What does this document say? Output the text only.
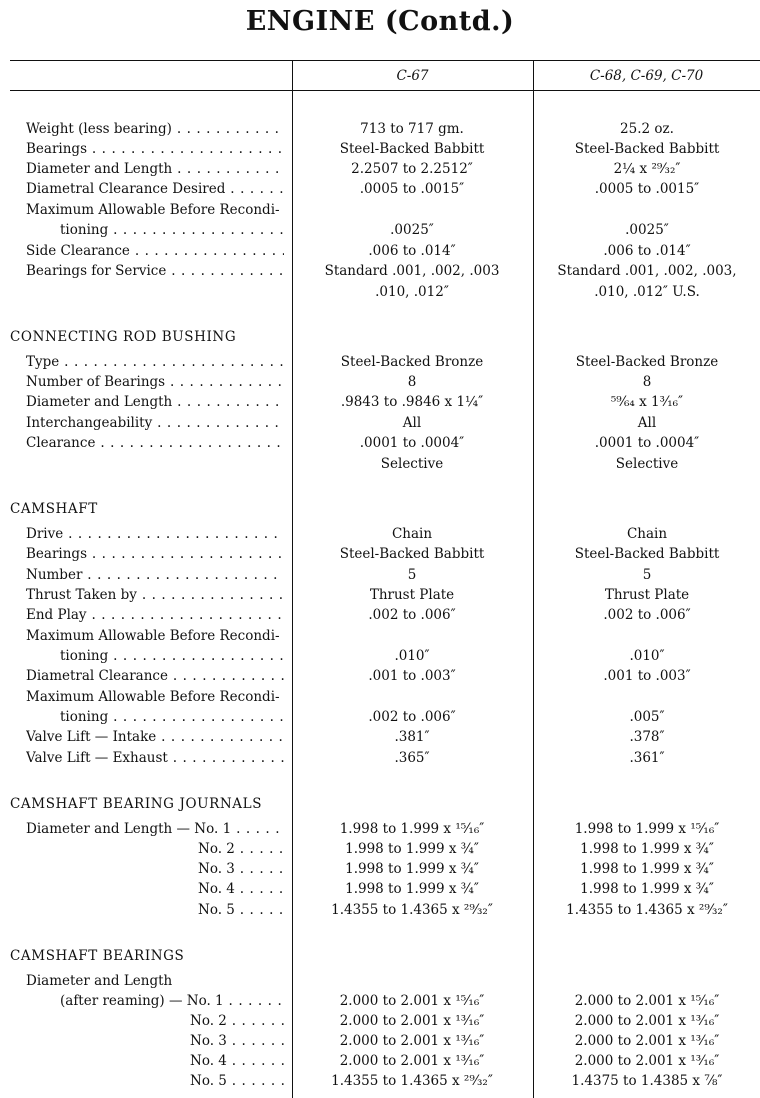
ENGINE (Contd.)
C-67	C-68, C-69, C-70
Weight (less bearing) . . .	713 to 717 gm.	25.2 oz.
Bearings . . .	Steel-Backed Babbitt	Steel-Backed Babbitt
Diameter and Length . . .	2.2507 to 2.2512″	2¼ x ²⁹⁄₃₂″
Diametral Clearance Desired . . .	.0005 to .0015″	.0005 to .0015″
Maximum Allowable Before Recondi-
tioning . . .	.0025″	.0025″
Side Clearance . . .	.006 to .014″	.006 to .014″
Bearings for Service . . .	Standard .001, .002, .003	Standard .001, .002, .003,
.010, .012″	.010, .012″ U.S.
CONNECTING ROD BUSHING
Type . . .	Steel-Backed Bronze	Steel-Backed Bronze
Number of Bearings . . .	8	8
Diameter and Length . . .	.9843 to .9846 x 1¼″	⁵⁹⁄₆₄ x 1³⁄₁₆″
Interchangeability . . .	All	All
Clearance . . .	.0001 to .0004″	.0001 to .0004″
Selective	Selective
CAMSHAFT
Drive . . .	Chain	Chain
Bearings . . .	Steel-Backed Babbitt	Steel-Backed Babbitt
Number . . .	5	5
Thrust Taken by . . .	Thrust Plate	Thrust Plate
End Play . . .	.002 to .006″	.002 to .006″
Maximum Allowable Before Recondi-
tioning . . .	.010″	.010″
Diametral Clearance . . .	.001 to .003″	.001 to .003″
Maximum Allowable Before Recondi-
tioning . . .	.002 to .006″	.005″
Valve Lift — Intake . . .	.381″	.378″
Valve Lift — Exhaust . . .	.365″	.361″
CAMSHAFT BEARING JOURNALS
Diameter and Length — No. 1 . . .	1.998 to 1.999 x ¹⁵⁄₁₆″	1.998 to 1.999 x ¹⁵⁄₁₆″
No. 2 . . .	1.998 to 1.999 x ¾″	1.998 to 1.999 x ¾″
No. 3 . . .	1.998 to 1.999 x ¾″	1.998 to 1.999 x ¾″
No. 4 . . .	1.998 to 1.999 x ¾″	1.998 to 1.999 x ¾″
No. 5 . . .	1.4355 to 1.4365 x ²⁹⁄₃₂″	1.4355 to 1.4365 x ²⁹⁄₃₂″
CAMSHAFT BEARINGS
Diameter and Length
(after reaming) — No. 1 . . .	2.000 to 2.001 x ¹⁵⁄₁₆″	2.000 to 2.001 x ¹⁵⁄₁₆″
No. 2 . . .	2.000 to 2.001 x ¹³⁄₁₆″	2.000 to 2.001 x ¹³⁄₁₆″
No. 3 . . .	2.000 to 2.001 x ¹³⁄₁₆″	2.000 to 2.001 x ¹³⁄₁₆″
No. 4 . . .	2.000 to 2.001 x ¹³⁄₁₆″	2.000 to 2.001 x ¹³⁄₁₆″
No. 5 . . .	1.4355 to 1.4365 x ²⁹⁄₃₂″	1.4375 to 1.4385 x ⅞″
